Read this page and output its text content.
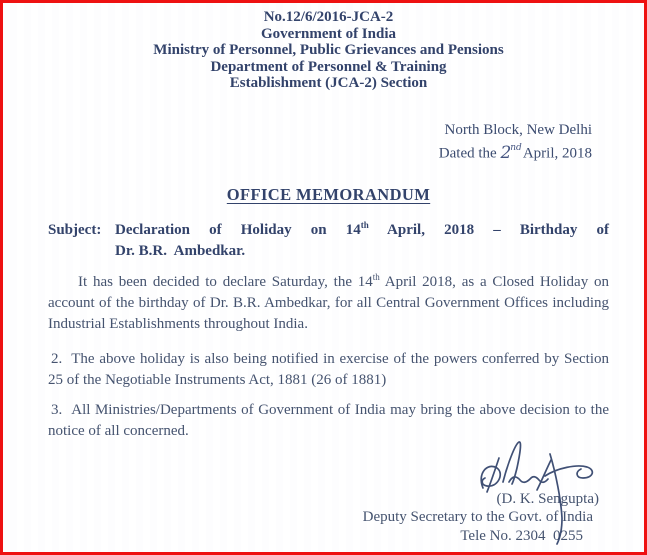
No.12/6/2016-JCA-2
Government of India
Ministry of Personnel, Public Grievances and Pensions
Department of Personnel & Training
Establishment (JCA-2) Section
North Block, New Delhi
Dated the 2ndApril, 2018
OFFICE MEMORANDUM
Subject: Declaration of Holiday on 14th April, 2018 – Birthday of
Dr. B.R.  Ambedkar.

It has been decided to declare Saturday, the 14th April 2018, as a Closed Holiday on account of the birthday of Dr. B.R. Ambedkar, for all Central Government Offices including Industrial Establishments throughout India.

2. The above holiday is also being notified in exercise of the powers conferred by Section 25 of the Negotiable Instruments Act, 1881 (26 of 1881)

3. All Ministries/Departments of Government of India may bring the above decision to the notice of all concerned.

(D. K. Sengupta)
Deputy Secretary to the Govt. of India
Tele No. 2304  0255
